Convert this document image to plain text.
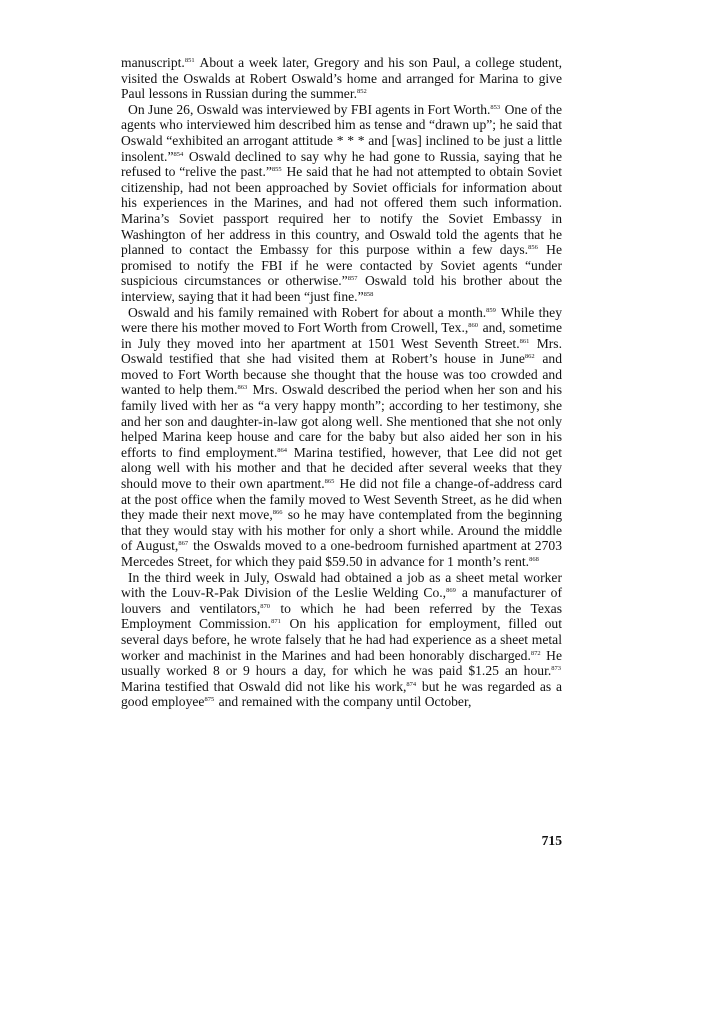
manuscript.$^{851}$ About a week later, Gregory and his son Paul, a college student, visited the Oswalds at Robert Oswald’s home and arranged for Marina to give Paul lessons in Russian during the summer.$^{852}$

On June 26, Oswald was interviewed by FBI agents in Fort Worth.$^{853}$ One of the agents who interviewed him described him as tense and “drawn up”; he said that Oswald “exhibited an arrogant attitude * * * and [was] inclined to be just a little insolent.”$^{854}$ Oswald declined to say why he had gone to Russia, saying that he refused to “relive the past.”$^{855}$ He said that he had not attempted to obtain Soviet citizenship, had not been approached by Soviet officials for information about his experiences in the Marines, and had not offered them such information. Marina’s Soviet passport required her to notify the Soviet Embassy in Washington of her address in this country, and Oswald told the agents that he planned to contact the Embassy for this purpose within a few days.$^{856}$ He promised to notify the FBI if he were contacted by Soviet agents “under suspicious circumstances or otherwise.”$^{857}$ Oswald told his brother about the interview, saying that it had been “just fine.”$^{858}$

Oswald and his family remained with Robert for about a month.$^{859}$ While they were there his mother moved to Fort Worth from Crowell, Tex.,$^{860}$ and, sometime in July they moved into her apartment at 1501 West Seventh Street.$^{861}$ Mrs. Oswald testified that she had visited them at Robert’s house in June$^{862}$ and moved to Fort Worth because she thought that the house was too crowded and wanted to help them.$^{863}$ Mrs. Oswald described the period when her son and his family lived with her as “a very happy month”; according to her testimony, she and her son and daughter-in-law got along well. She mentioned that she not only helped Marina keep house and care for the baby but also aided her son in his efforts to find employment.$^{864}$ Marina testified, however, that Lee did not get along well with his mother and that he decided after several weeks that they should move to their own apartment.$^{865}$ He did not file a change-of-address card at the post office when the family moved to West Seventh Street, as he did when they made their next move,$^{866}$ so he may have contemplated from the beginning that they would stay with his mother for only a short while. Around the middle of August,$^{867}$ the Oswalds moved to a one-bedroom furnished apartment at 2703 Mercedes Street, for which they paid $59.50 in advance for 1 month’s rent.$^{868}$

In the third week in July, Oswald had obtained a job as a sheet metal worker with the Louv-R-Pak Division of the Leslie Welding Co.,$^{869}$ a manufacturer of louvers and ventilators,$^{870}$ to which he had been referred by the Texas Employment Commission.$^{871}$ On his application for employment, filled out several days before, he wrote falsely that he had had experience as a sheet metal worker and machinist in the Marines and had been honorably discharged.$^{872}$ He usually worked 8 or 9 hours a day, for which he was paid $1.25 an hour.$^{873}$ Marina testified that Oswald did not like his work,$^{874}$ but he was regarded as a good employee$^{875}$ and remained with the company until October,

715
